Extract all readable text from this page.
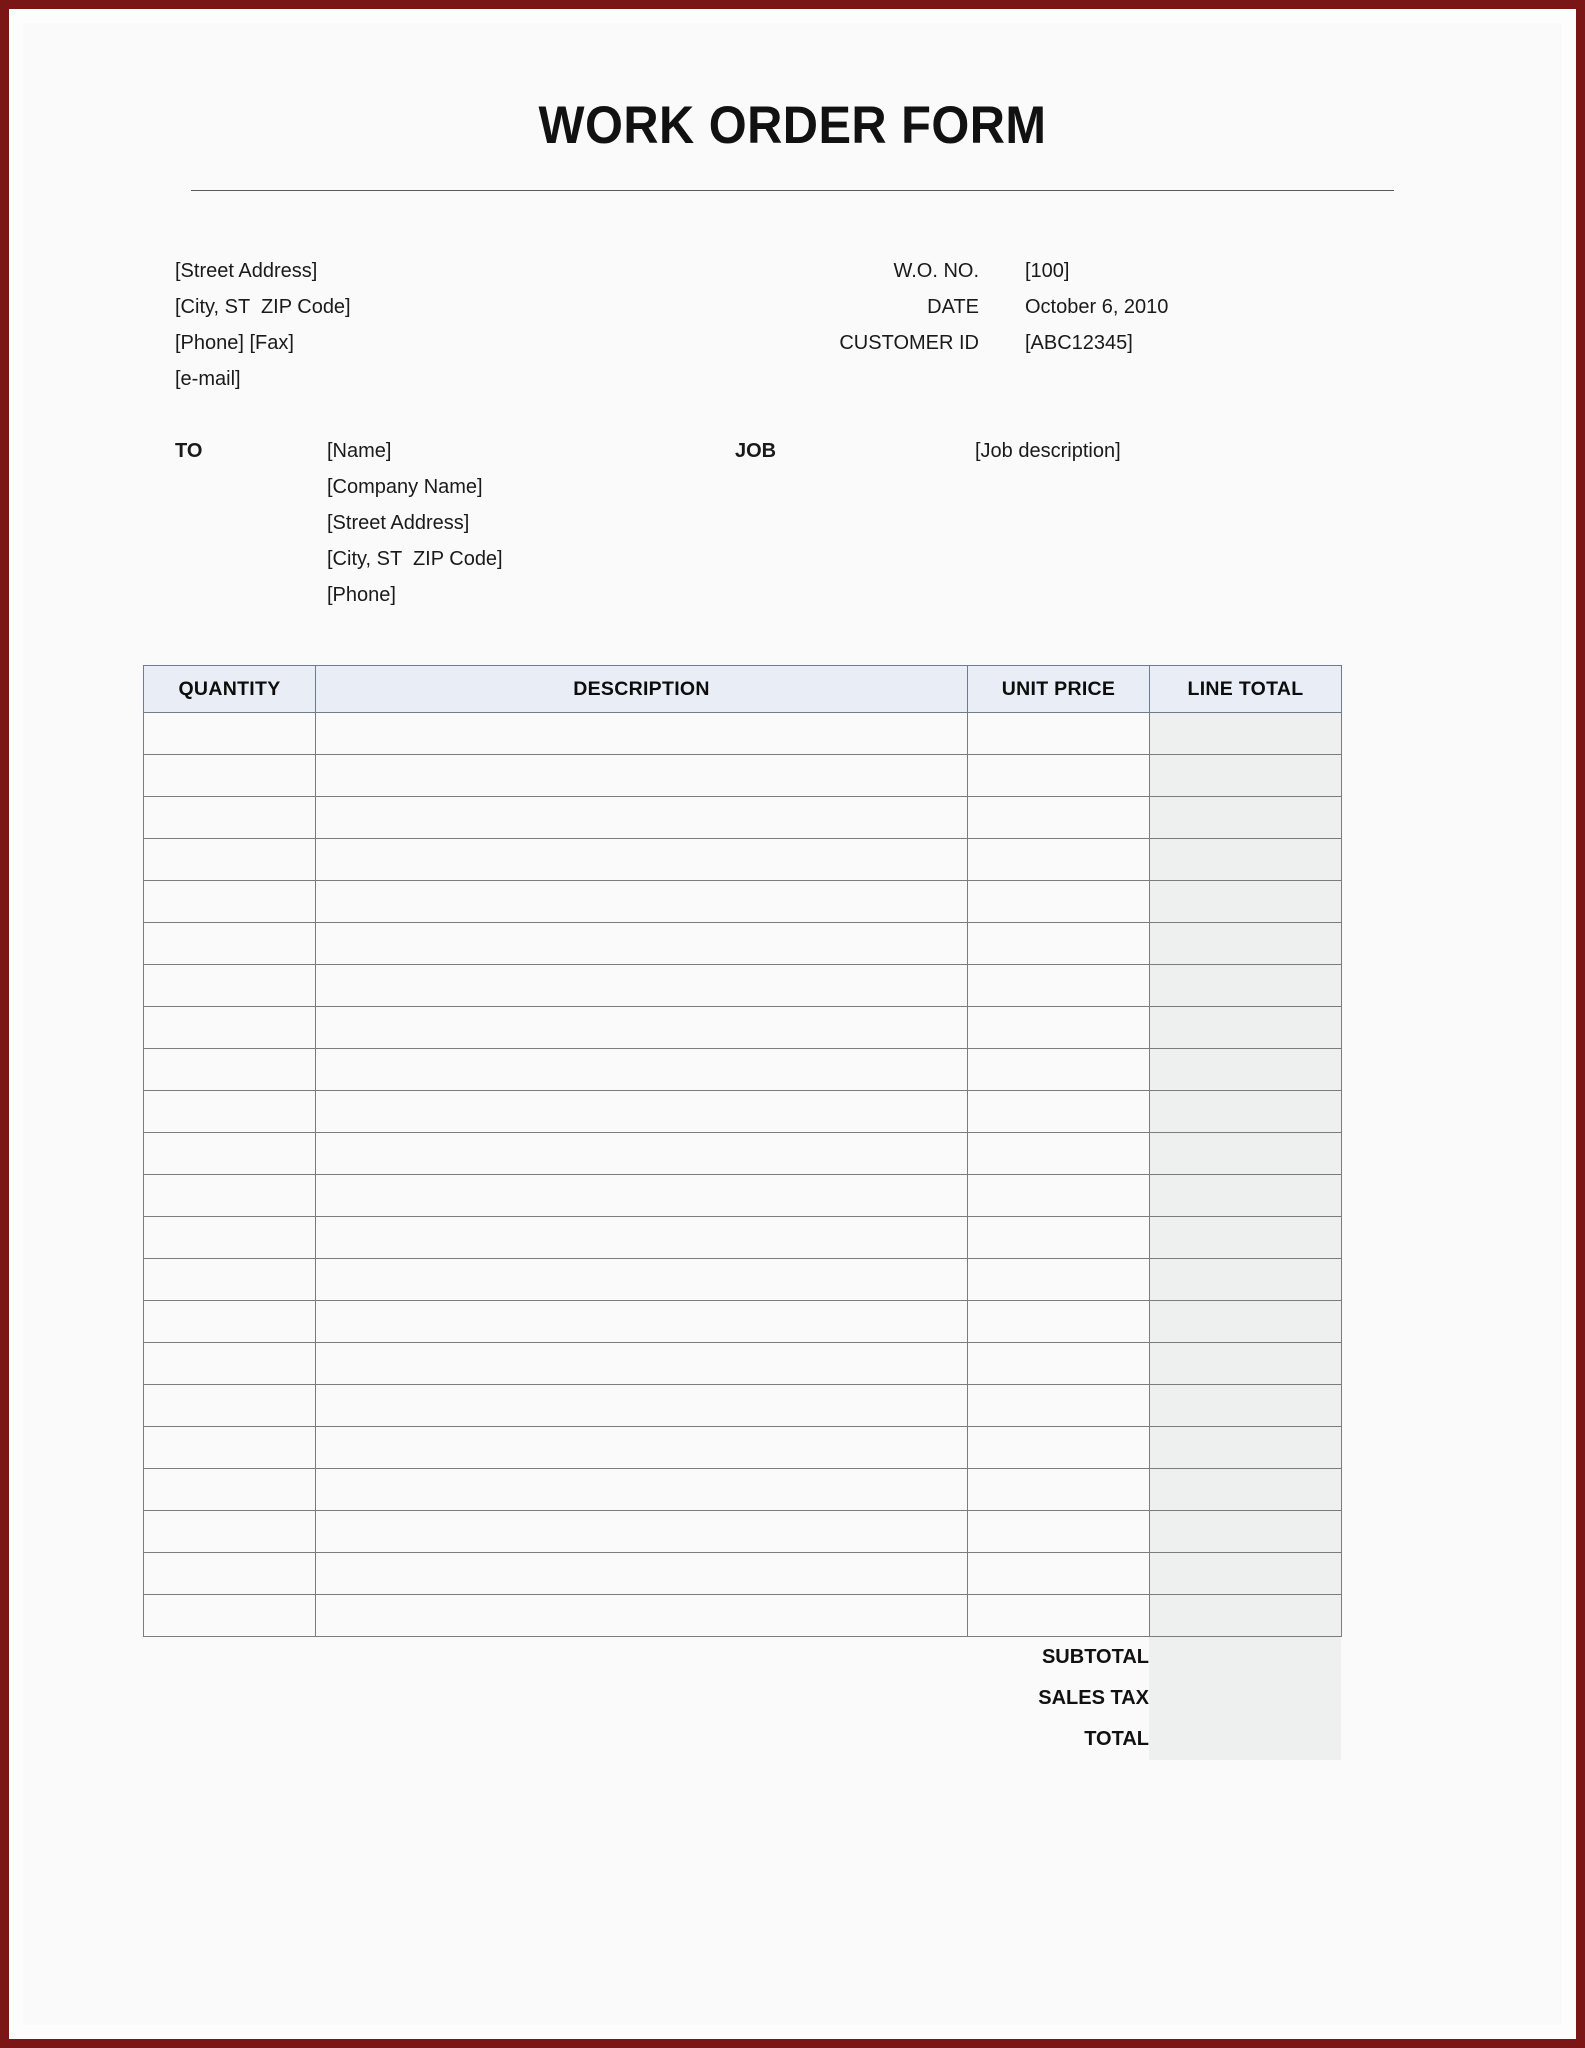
WORK ORDER FORM
[Street Address]
[City, ST  ZIP Code]
[Phone] [Fax]
[e-mail]
W.O. NO.	[100]
DATE	October 6, 2010
CUSTOMER ID	[ABC12345]
TO	[Name]
[Company Name]
[Street Address]
[City, ST  ZIP Code]
[Phone]
JOB	[Job description]
QUANTITY	DESCRIPTION	UNIT PRICE	LINE TOTAL

		SUBTOTAL	
		SALES TAX	
		TOTAL	
